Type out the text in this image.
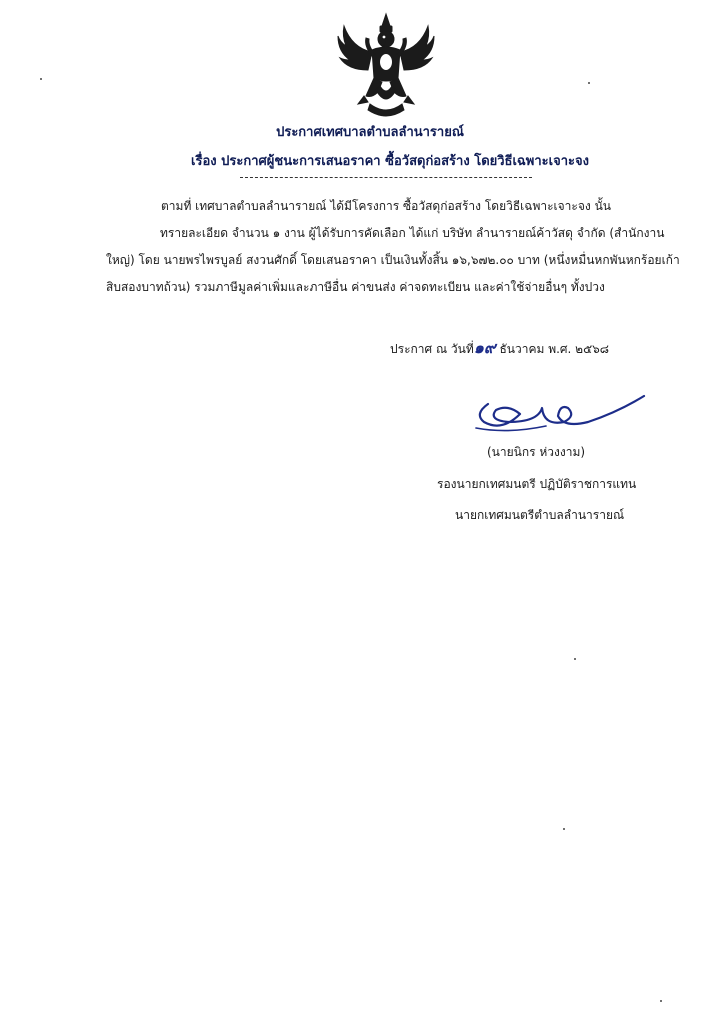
ประกาศเทศบาลตำบลลำนารายณ์
เรื่อง ประกาศผู้ชนะการเสนอราคา ซื้อวัสดุก่อสร้าง โดยวิธีเฉพาะเจาะจง
ตามที่ เทศบาลตำบลลำนารายณ์ ได้มีโครงการ ซื้อวัสดุก่อสร้าง โดยวิธีเฉพาะเจาะจง นั้น
ทรายละเอียด จำนวน ๑ งาน ผู้ได้รับการคัดเลือก ได้แก่ บริษัท ลำนารายณ์ค้าวัสดุ จำกัด (สำนักงาน
ใหญ่) โดย นายพรไพรบูลย์ สงวนศักดิ์ โดยเสนอราคา เป็นเงินทั้งสิ้น ๑๖,๖๗๒.๐๐ บาท (หนึ่งหมื่นหกพันหกร้อยเก้า
สิบสองบาทถ้วน) รวมภาษีมูลค่าเพิ่มและภาษีอื่น ค่าขนส่ง ค่าจดทะเบียน และค่าใช้จ่ายอื่นๆ ทั้งปวง
ประกาศ ณ วันที่๑๙ ธันวาคม พ.ศ. ๒๕๖๘
(นายนิกร ห่วงงาม)
รองนายกเทศมนตรี ปฏิบัติราชการแทน
นายกเทศมนตรีตำบลลำนารายณ์
